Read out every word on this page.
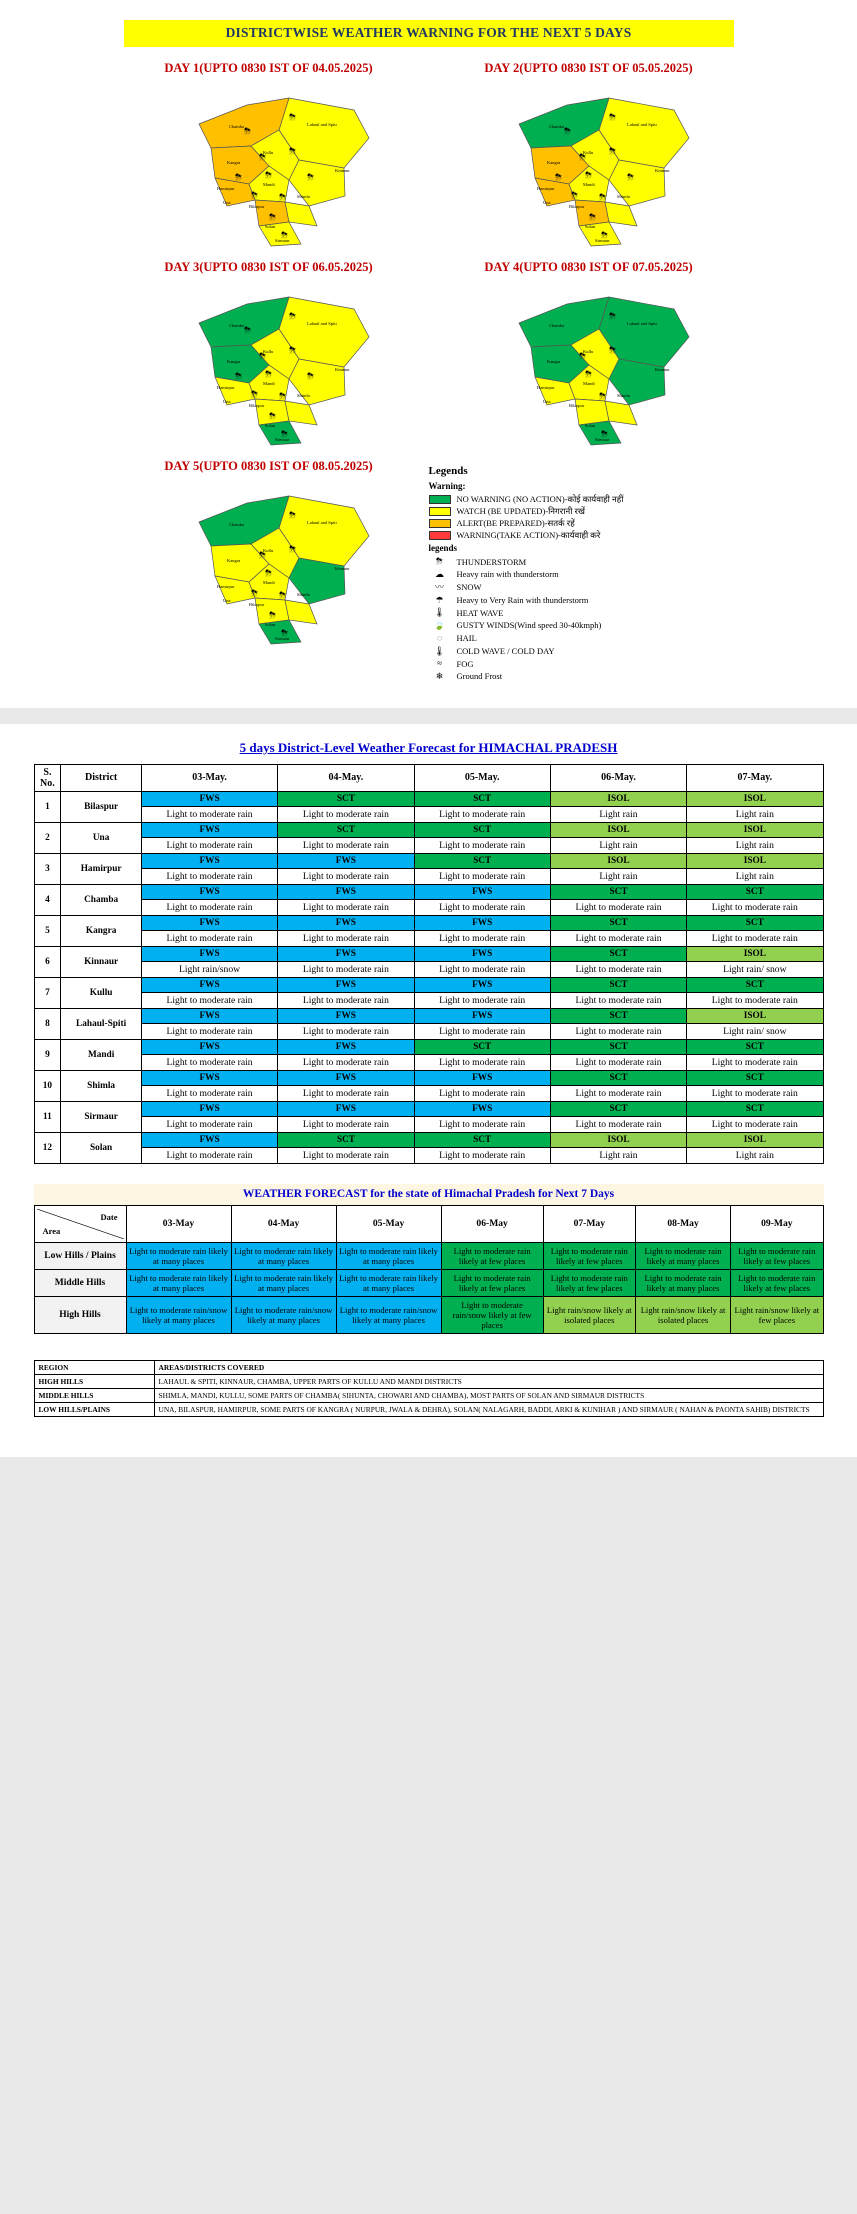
DISTRICTWISE WEATHER WARNING FOR THE NEXT 5 DAYS
DAY 1(UPTO 0830 IST OF 04.05.2025)
Lahaul and Spiti
Kinnaur
Chamba
Kangra
Kullu
Mandi
Hamirpur
Una
Bilaspur
Shimla
Solan
Sirmaur
⛈
⛈
⛈
⛈
⛈	⛈	⛈
⛈ ⛈
⛈
⛈
DAY 2(UPTO 0830 IST OF 05.05.2025)
Lahaul and Spiti
Kinnaur
Chamba
Kangra
Kullu
Mandi
Hamirpur
Una
Bilaspur
Shimla
Solan
Sirmaur
⛈
⛈
⛈
⛈
⛈	⛈	⛈
⛈ ⛈
⛈
⛈
DAY 3(UPTO 0830 IST OF 06.05.2025)
Lahaul and Spiti
Kinnaur
Chamba
Kangra
Kullu
Mandi
Hamirpur
Una
Bilaspur
Shimla
Solan
Sirmaur
⛈
⛈
⛈
⛈
⛈	⛈	⛈
⛈ ⛈
⛈
⛈
DAY 4(UPTO 0830 IST OF 07.05.2025)
Lahaul and Spiti
Kinnaur
Chamba
Kangra
Kullu
Mandi
Hamirpur
Una
Bilaspur
Shimla
Solan
Sirmaur
⛈
⛈
⛈
⛈
⛈
⛈
DAY 5(UPTO 0830 IST OF 08.05.2025)
Lahaul and Spiti
Kinnaur
Chamba
Kangra
Kullu
Mandi
Hamirpur
Una
Bilaspur
Shimla
Solan
Sirmaur
⛈
⛈
⛈
⛈
⛈ ⛈
⛈
⛈
Legends
Warning:
NO WARNING (NO ACTION)-कोई कार्यवाही नहीं
WATCH (BE UPDATED)-निगरानी रखें
ALERT(BE PREPARED)-सतर्क रहें
WARNING(TAKE ACTION)-कार्यवाही करे
legends
⛈	THUNDERSTORM
☁	Heavy rain with thunderstorm
〰	SNOW
☂	Heavy to Very Rain with thunderstorm
🌡	HEAT WAVE
🍃	GUSTY WINDS(Wind speed 30-40kmph)
◌	HAIL
🌡	COLD WAVE / COLD DAY
≈	FOG
❄	Ground Frost
5 days District-Level Weather Forecast for HIMACHAL PRADESH
S. No.	District	03-May.	04-May.	05-May.	06-May.	07-May.
1	Bilaspur	FWS	SCT	SCT	ISOL	ISOL
		Light to moderate rain	Light to moderate rain	Light to moderate rain	Light rain	Light rain
2	Una	FWS	SCT	SCT	ISOL	ISOL
		Light to moderate rain	Light to moderate rain	Light to moderate rain	Light rain	Light rain
3	Hamirpur	FWS	FWS	SCT	ISOL	ISOL
		Light to moderate rain	Light to moderate rain	Light to moderate rain	Light rain	Light rain
4	Chamba	FWS	FWS	FWS	SCT	SCT
		Light to moderate rain	Light to moderate rain	Light to moderate rain	Light to moderate rain	Light to moderate rain
5	Kangra	FWS	FWS	FWS	SCT	SCT
		Light to moderate rain	Light to moderate rain	Light to moderate rain	Light to moderate rain	Light to moderate rain
6	Kinnaur	FWS	FWS	FWS	SCT	ISOL
		Light rain/snow	Light to moderate rain	Light to moderate rain	Light to moderate rain	Light rain/ snow
7	Kullu	FWS	FWS	FWS	SCT	SCT
		Light to moderate rain	Light to moderate rain	Light to moderate rain	Light to moderate rain	Light to moderate rain
8	Lahaul-Spiti	FWS	FWS	FWS	SCT	ISOL
		Light to moderate rain	Light to moderate rain	Light to moderate rain	Light to moderate rain	Light rain/ snow
9	Mandi	FWS	FWS	SCT	SCT	SCT
		Light to moderate rain	Light to moderate rain	Light to moderate rain	Light to moderate rain	Light to moderate rain
10	Shimla	FWS	FWS	FWS	SCT	SCT
		Light to moderate rain	Light to moderate rain	Light to moderate rain	Light to moderate rain	Light to moderate rain
11	Sirmaur	FWS	FWS	FWS	SCT	SCT
		Light to moderate rain	Light to moderate rain	Light to moderate rain	Light to moderate rain	Light to moderate rain
12	Solan	FWS	SCT	SCT	ISOL	ISOL
		Light to moderate rain	Light to moderate rain	Light to moderate rain	Light rain	Light rain
WEATHER FORECAST for the state of Himachal Pradesh for Next 7 Days
Area
Date	03-May	04-May	05-May	06-May	07-May	08-May	09-May
Low Hills / Plains	Light to moderate rain likely at many places	Light to moderate rain likely at many places	Light to moderate rain likely at many places	Light to moderate rain likely at few places	Light to moderate rain likely at few places	Light to moderate rain likely at many places	Light to moderate rain likely at few places
Middle Hills	Light to moderate rain likely at many places	Light to moderate rain likely at many places	Light to moderate rain likely at many places	Light to moderate rain likely at few places	Light to moderate rain likely at few places	Light to moderate rain likely at many places	Light to moderate rain likely at few places
High Hills	Light to moderate rain/snow likely at many places	Light to moderate rain/snow likely at many places	Light to moderate rain/snow likely at many places	Light to moderate rain/snow likely at few places	Light rain/snow likely at isolated places	Light rain/snow likely at isolated places	Light rain/snow likely at few places
REGION	AREAS/DISTRICTS COVERED
HIGH HILLS	LAHAUL & SPITI, KINNAUR, CHAMBA, UPPER PARTS OF KULLU AND MANDI DISTRICTS
MIDDLE HILLS	SHIMLA, MANDI, KULLU, SOME PARTS OF CHAMBA( SIHUNTA, CHOWARI AND CHAMBA), MOST PARTS OF SOLAN AND SIRMAUR DISTRICTS
LOW HILLS/PLAINS	UNA, BILASPUR, HAMIRPUR, SOME PARTS OF KANGRA ( NURPUR, JWALA & DEHRA), SOLAN( NALAGARH, BADDI, ARKI & KUNIHAR ) AND SIRMAUR ( NAHAN & PAONTA SAHIB) DISTRICTS
